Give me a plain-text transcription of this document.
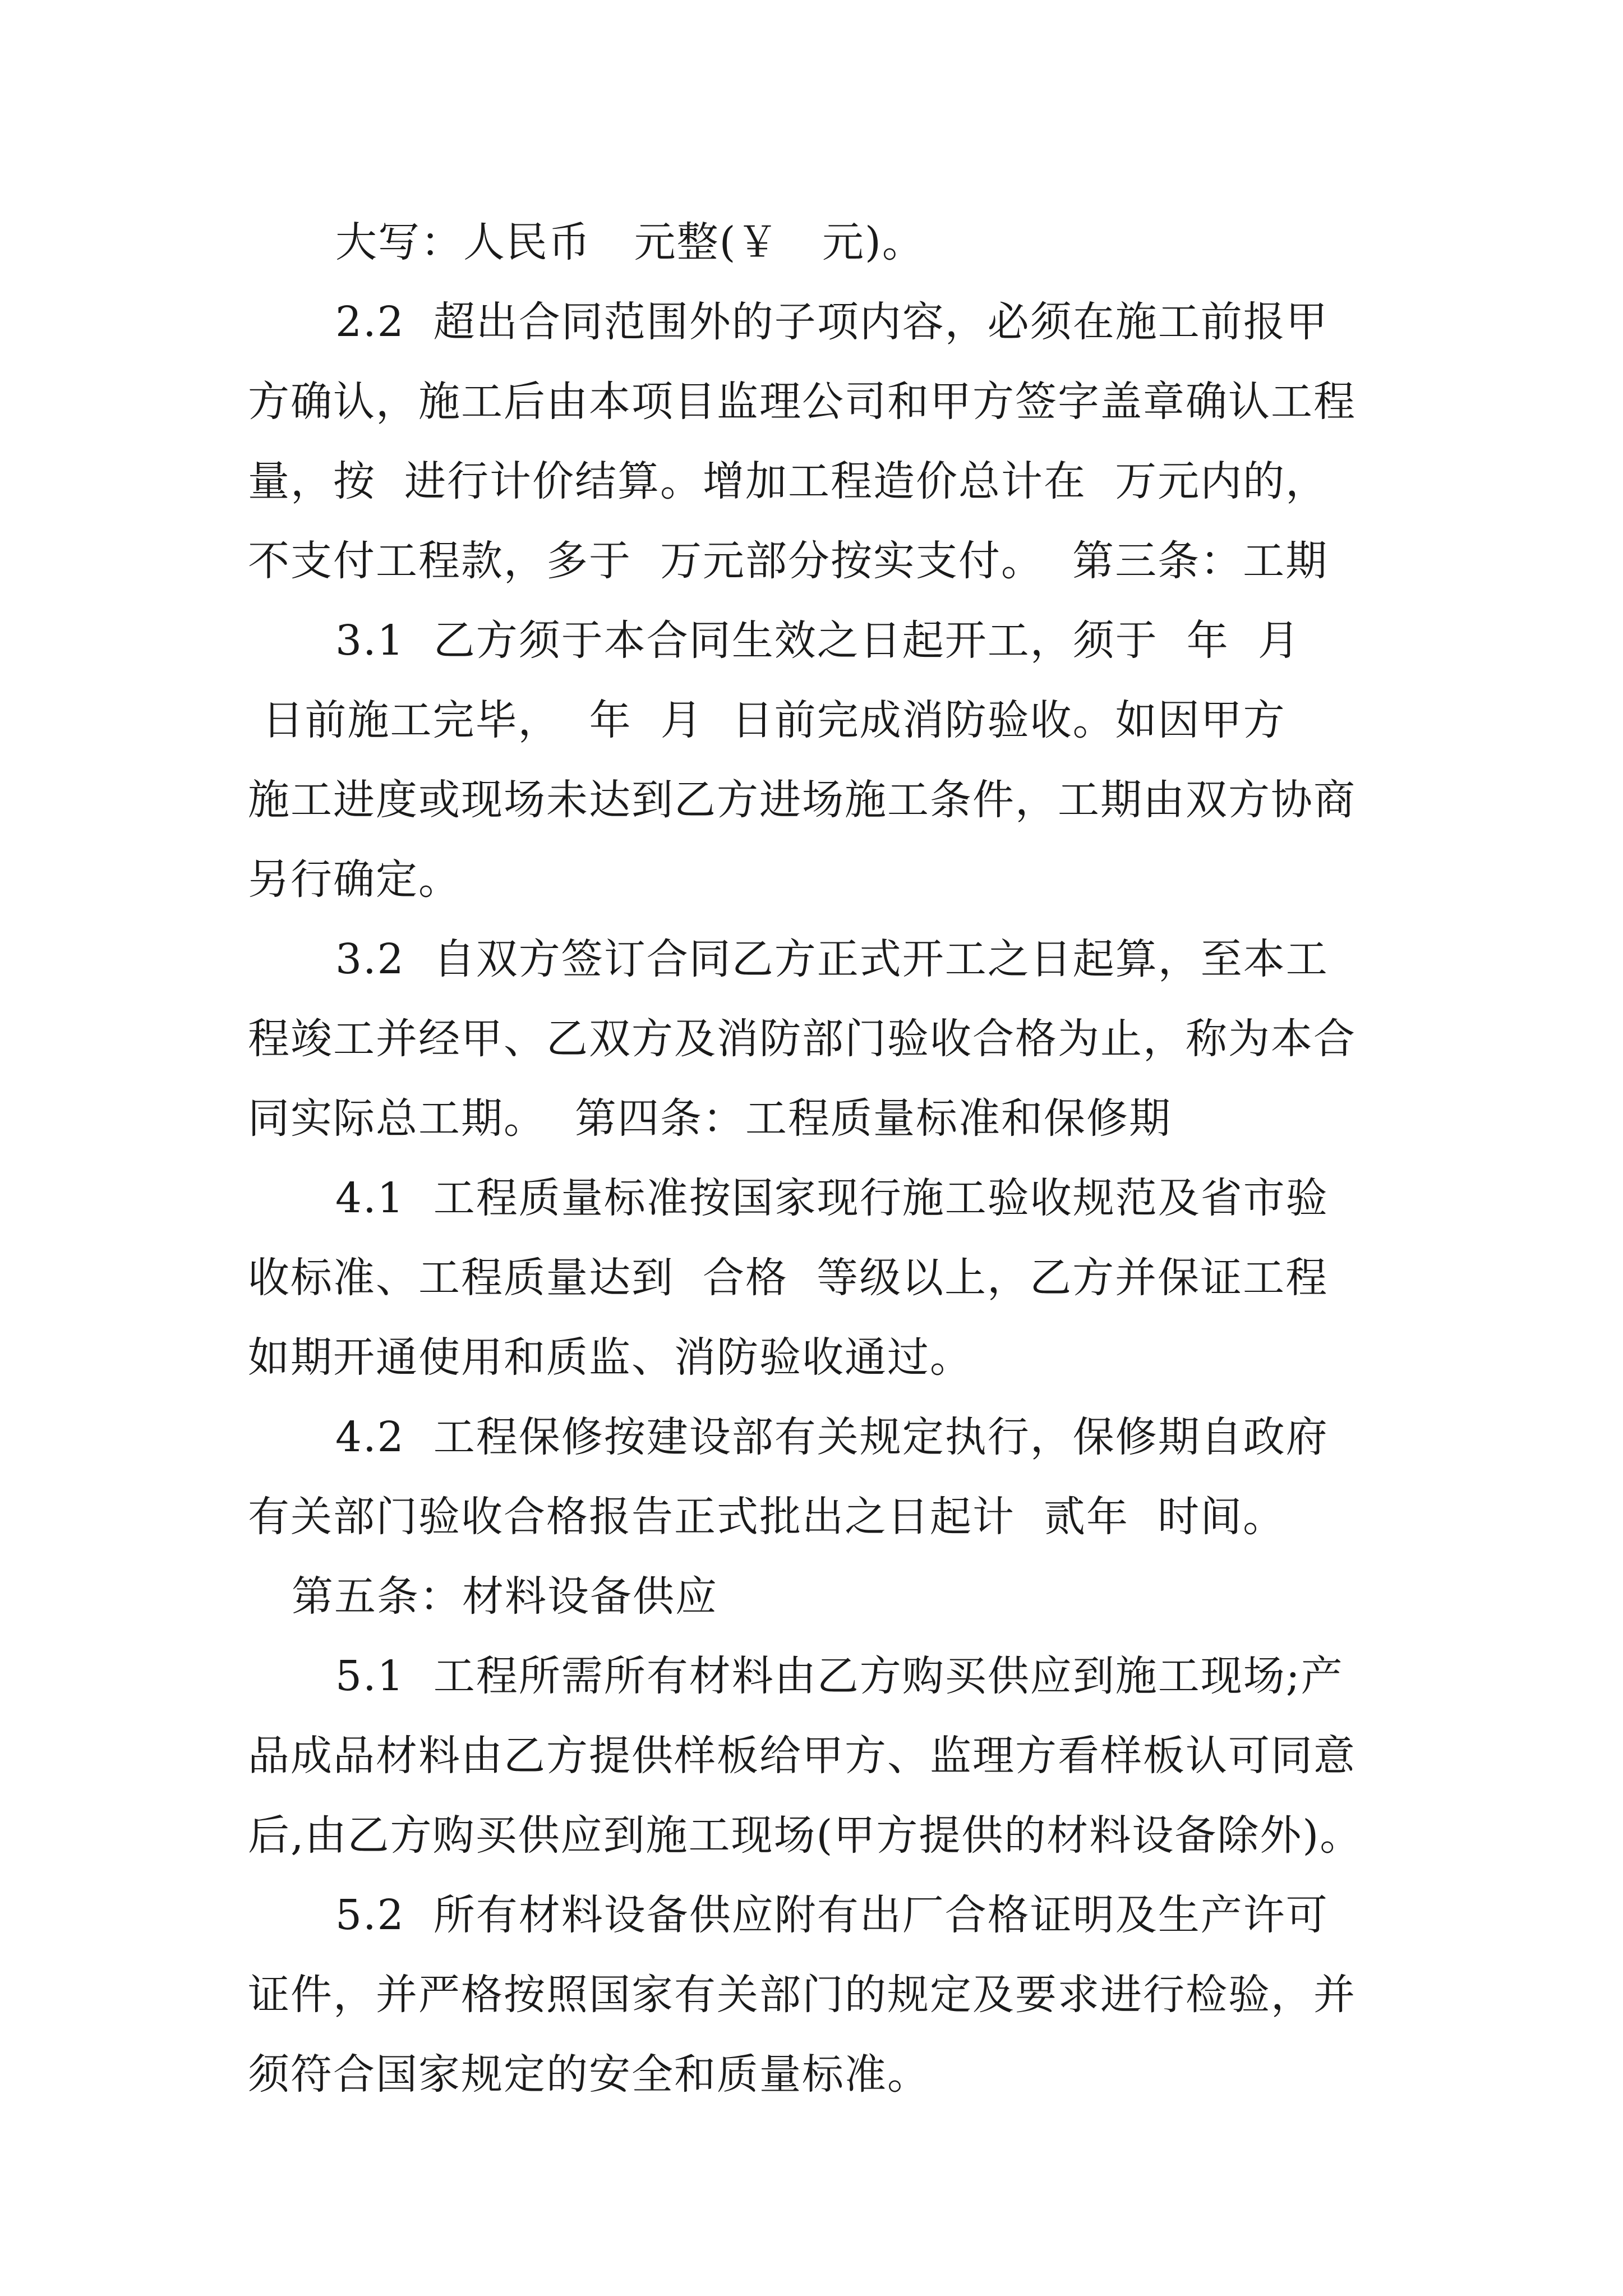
大写：人民币   元整(￥   元)。
2.2  超出合同范围外的子项内容，必须在施工前报甲
方确认，施工后由本项目监理公司和甲方签字盖章确认工程
量，按  进行计价结算。增加工程造价总计在  万元内的，
不支付工程款，多于  万元部分按实支付。  第三条：工期
3.1  乙方须于本合同生效之日起开工，须于  年  月
日前施工完毕，  年  月  日前完成消防验收。如因甲方
施工进度或现场未达到乙方进场施工条件，工期由双方协商
另行确定。
3.2  自双方签订合同乙方正式开工之日起算，至本工
程竣工并经甲、乙双方及消防部门验收合格为止，称为本合
同实际总工期。  第四条：工程质量标准和保修期
4.1  工程质量标准按国家现行施工验收规范及省市验
收标准、工程质量达到  合格  等级以上，乙方并保证工程
如期开通使用和质监、消防验收通过。
4.2  工程保修按建设部有关规定执行，保修期自政府
有关部门验收合格报告正式批出之日起计  贰年  时间。
第五条：材料设备供应
5.1  工程所需所有材料由乙方购买供应到施工现场;产
品成品材料由乙方提供样板给甲方、监理方看样板认可同意
后,由乙方购买供应到施工现场(甲方提供的材料设备除外)。
5.2  所有材料设备供应附有出厂合格证明及生产许可
证件，并严格按照国家有关部门的规定及要求进行检验，并
须符合国家规定的安全和质量标准。
